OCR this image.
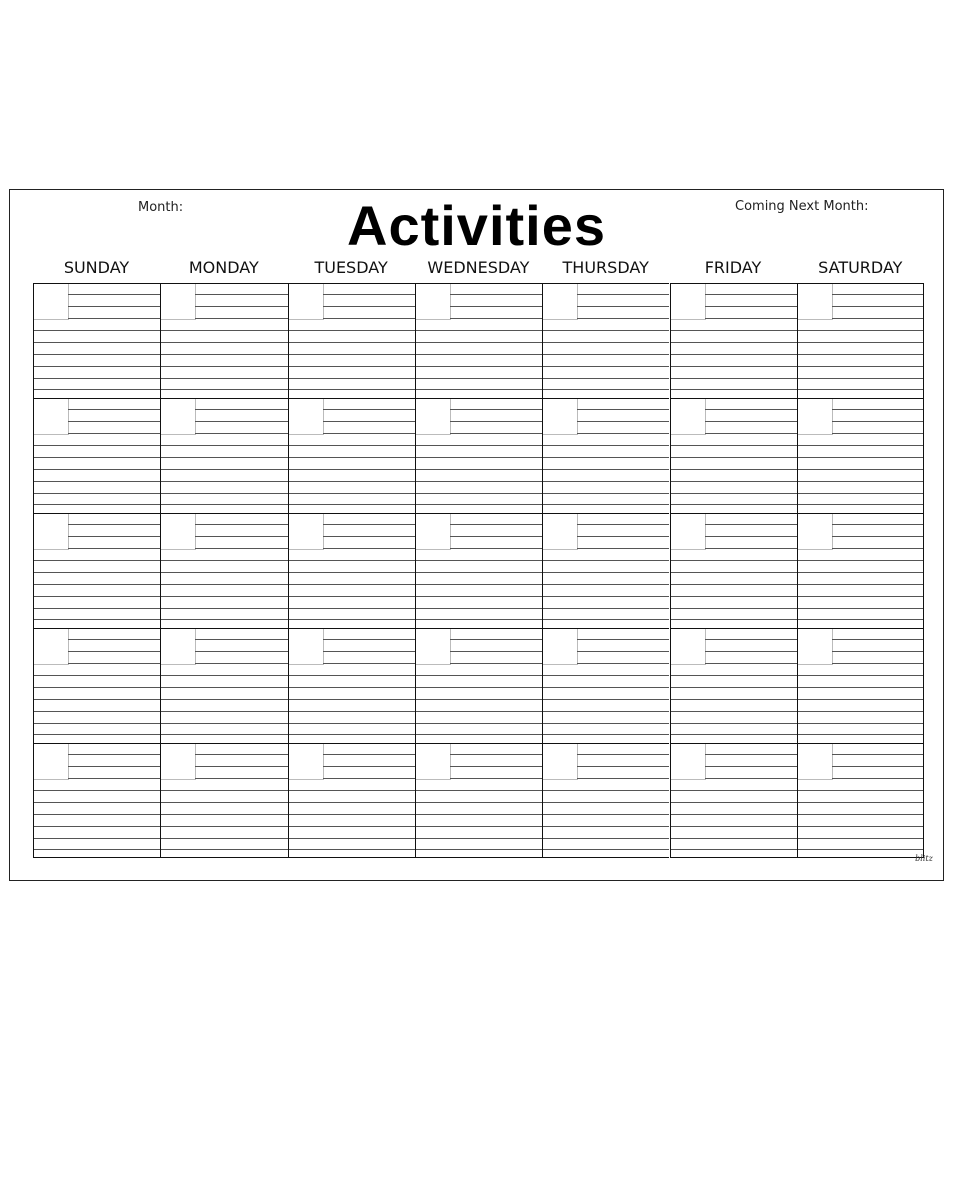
Month:	Activities	Coming Next Month:
SUNDAY	MONDAY	TUESDAY	WEDNESDAY	THURSDAY	FRIDAY	SATURDAY
blitz
